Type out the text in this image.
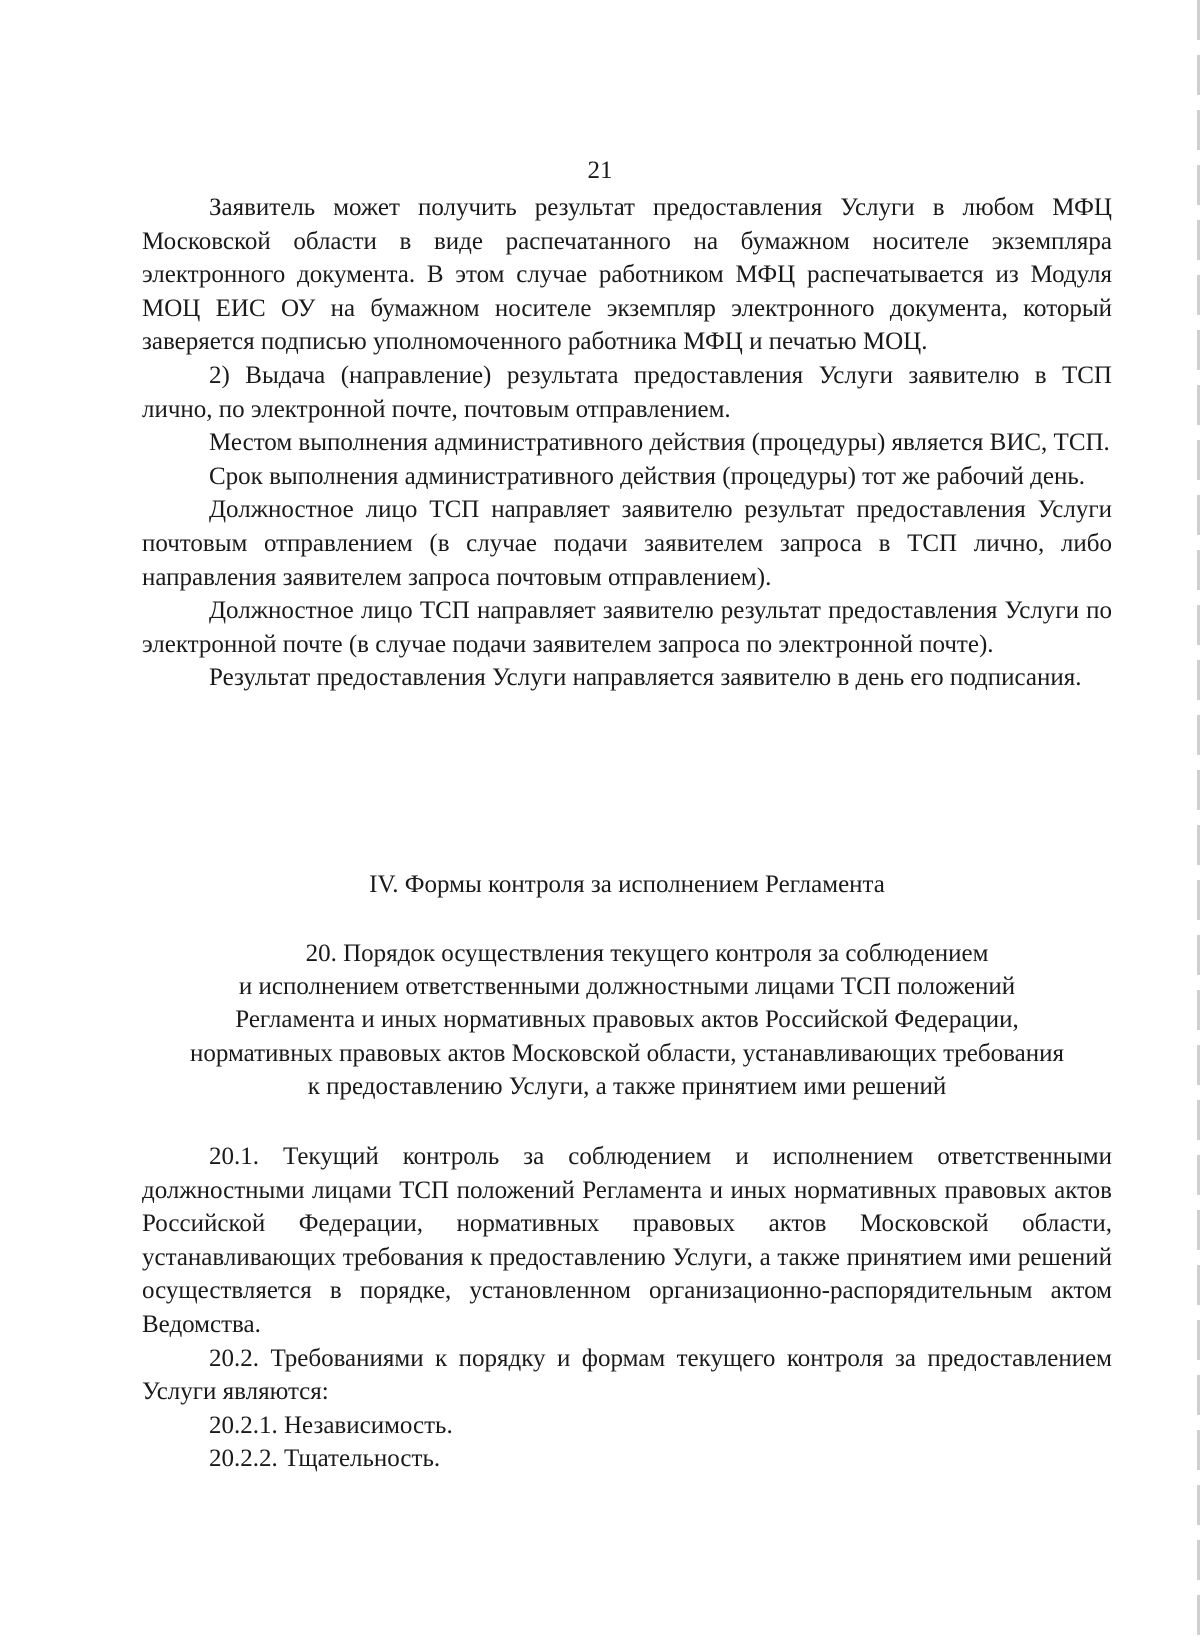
21

Заявитель может получить результат предоставления Услуги в любом МФЦ Московской области в виде распечатанного на бумажном носителе экземпляра электронного документа. В этом случае работником МФЦ распечатывается из Модуля МОЦ ЕИС ОУ на бумажном носителе экземпляр электронного документа, который заверяется подписью уполномоченного работника МФЦ и печатью МОЦ.

2) Выдача (направление) результата предоставления Услуги заявителю в ТСП лично, по электронной почте, почтовым отправлением.

Местом выполнения административного действия (процедуры) является ВИС, ТСП.

Срок выполнения административного действия (процедуры) тот же рабочий день.

Должностное лицо ТСП направляет заявителю результат предоставления Услуги почтовым отправлением (в случае подачи заявителем запроса в ТСП лично, либо направления заявителем запроса почтовым отправлением).

Должностное лицо ТСП направляет заявителю результат предоставления Услуги по электронной почте (в случае подачи заявителем запроса по электронной почте).

Результат предоставления Услуги направляется заявителю в день его подписания.

IV. Формы контроля за исполнением Регламента
20. Порядок осуществления текущего контроля за соблюдением
и исполнением ответственными должностными лицами ТСП положений
Регламента и иных нормативных правовых актов Российской Федерации,
нормативных правовых актов Московской области, устанавливающих требования
к предоставлению Услуги, а также принятием ими решений

20.1. Текущий контроль за соблюдением и исполнением ответственными должностными лицами ТСП положений Регламента и иных нормативных правовых актов Российской Федерации, нормативных правовых актов Московской области, устанавливающих требования к предоставлению Услуги, а также принятием ими решений осуществляется в порядке, установленном организационно-распорядительным актом Ведомства.

20.2. Требованиями к порядку и формам текущего контроля за предоставлением Услуги являются:

20.2.1. Независимость.

20.2.2. Тщательность.
